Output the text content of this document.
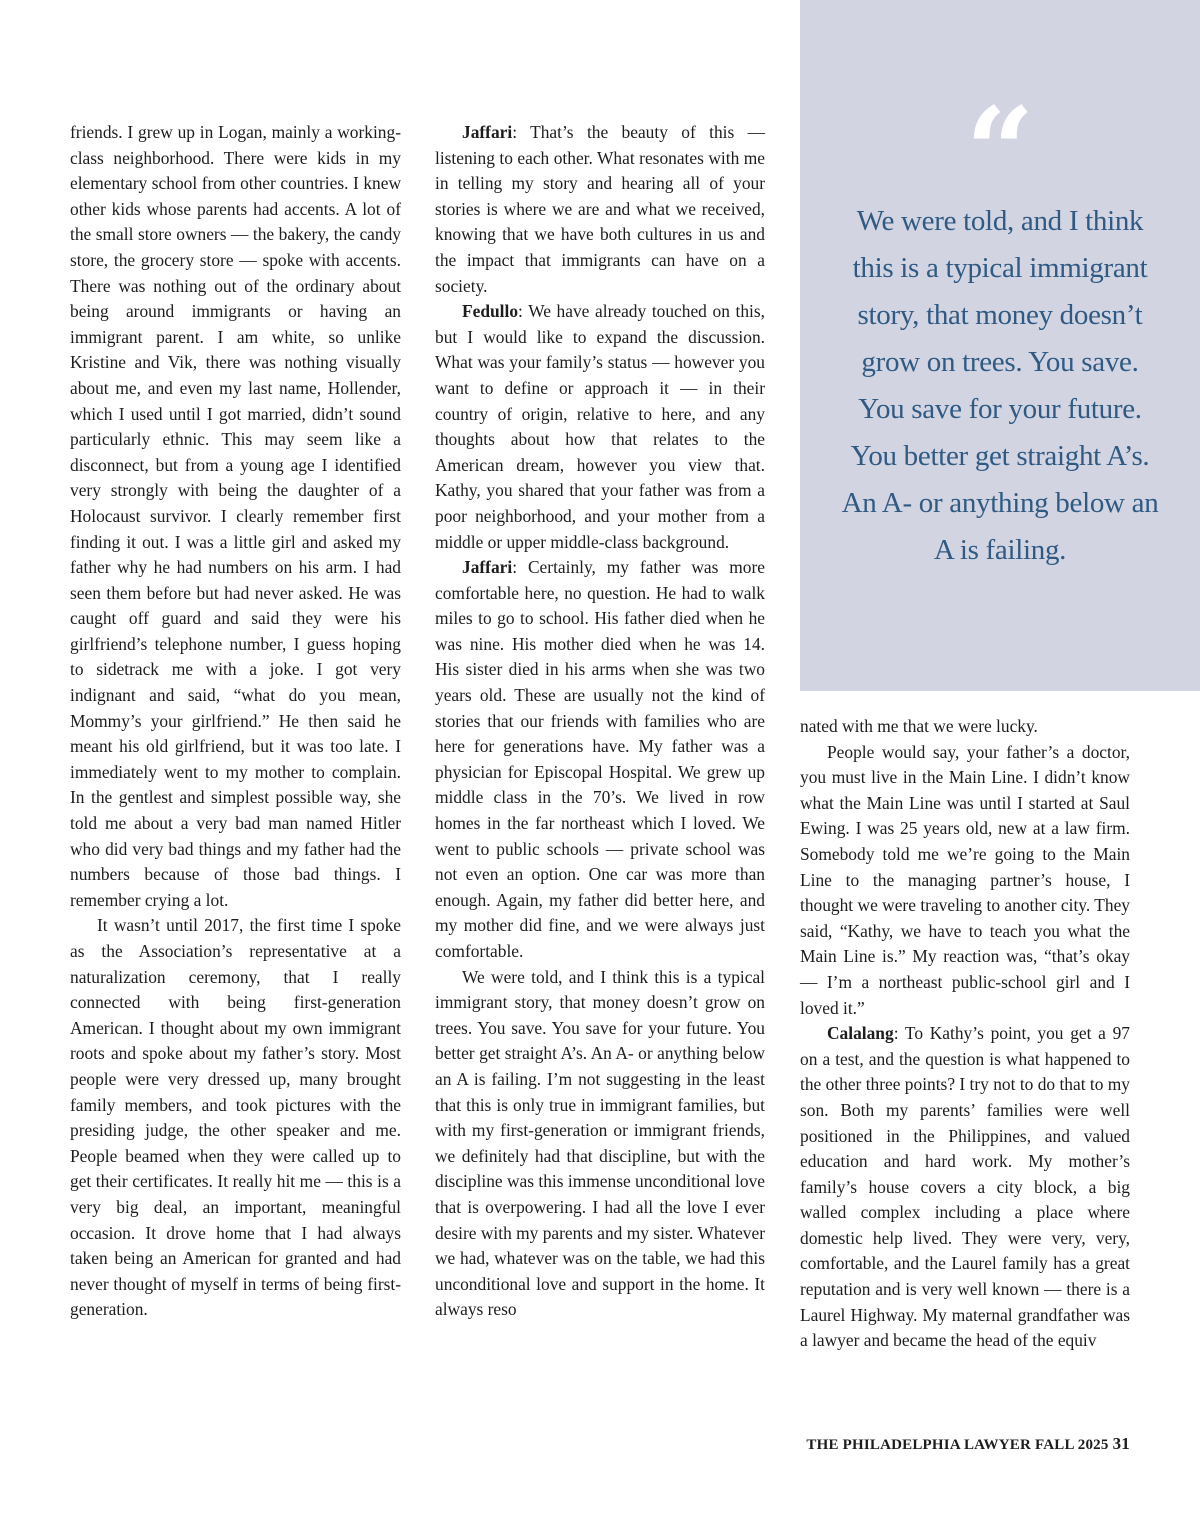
friends. I grew up in Logan, mainly a working-class neighborhood. There were kids in my elementary school from other countries. I knew other kids whose parents had accents. A lot of the small store owners — the bakery, the candy store, the grocery store — spoke with accents. There was nothing out of the ordinary about being around immigrants or having an immigrant parent. I am white, so unlike Kristine and Vik, there was nothing visually about me, and even my last name, Hollender, which I used until I got married, didn’t sound particularly ethnic. This may seem like a disconnect, but from a young age I identified very strongly with being the daughter of a Holocaust survivor. I clearly remember first finding it out. I was a little girl and asked my father why he had numbers on his arm. I had seen them before but had never asked. He was caught off guard and said they were his girlfriend’s telephone number, I guess hoping to sidetrack me with a joke. I got very indignant and said, “what do you mean, Mommy’s your girlfriend.” He then said he meant his old girlfriend, but it was too late. I immediately went to my mother to complain. In the gentlest and simplest possible way, she told me about a very bad man named Hitler who did very bad things and my father had the numbers because of those bad things. I remember crying a lot.

It wasn’t until 2017, the first time I spoke as the Association’s representative at a naturalization ceremony, that I really connected with being first-generation American. I thought about my own immigrant roots and spoke about my father’s story. Most people were very dressed up, many brought family members, and took pictures with the presiding judge, the other speaker and me. People beamed when they were called up to get their certificates. It really hit me — this is a very big deal, an important, meaningful occasion. It drove home that I had always taken being an American for granted and had never thought of myself in terms of being first-generation.

Jaffari: That’s the beauty of this — listening to each other. What resonates with me in telling my story and hearing all of your stories is where we are and what we received, knowing that we have both cultures in us and the impact that immigrants can have on a society.

Fedullo: We have already touched on this, but I would like to expand the discussion. What was your family’s status — however you want to define or approach it — in their country of origin, relative to here, and any thoughts about how that relates to the American dream, however you view that. Kathy, you shared that your father was from a poor neighborhood, and your mother from a middle or upper middle-class background.

Jaffari: Certainly, my father was more comfortable here, no question. He had to walk miles to go to school. His father died when he was nine. His mother died when he was 14. His sister died in his arms when she was two years old. These are usually not the kind of stories that our friends with families who are here for generations have. My father was a physician for Episcopal Hospital. We grew up middle class in the 70’s. We lived in row homes in the far northeast which I loved. We went to public schools — private school was not even an option. One car was more than enough. Again, my father did better here, and my mother did fine, and we were always just comfortable.

We were told, and I think this is a typical immigrant story, that money doesn’t grow on trees. You save. You save for your future. You better get straight A’s. An A- or anything below an A is failing. I’m not suggesting in the least that this is only true in immigrant families, but with my first-generation or immigrant friends, we definitely had that discipline, but with the discipline was this immense unconditional love that is overpowering. I had all the love I ever desire with my parents and my sister. Whatever we had, whatever was on the table, we had this unconditional love and support in the home. It always reso

“
We were told, and I think this is a typical immigrant story, that money doesn’t grow on trees. You save. You save for your future. You better get straight A’s. An A- or anything below an A is failing.

nated with me that we were lucky.

People would say, your father’s a doctor, you must live in the Main Line. I didn’t know what the Main Line was until I started at Saul Ewing. I was 25 years old, new at a law firm. Somebody told me we’re going to the Main Line to the managing partner’s house, I thought we were traveling to another city. They said, “Kathy, we have to teach you what the Main Line is.” My reaction was, “that’s okay — I’m a northeast public-school girl and I loved it.”

Calalang: To Kathy’s point, you get a 97 on a test, and the question is what happened to the other three points? I try not to do that to my son. Both my parents’ families were well positioned in the Philippines, and valued education and hard work. My mother’s family’s house covers a city block, a big walled complex including a place where domestic help lived. They were very, very, comfortable, and the Laurel family has a great reputation and is very well known — there is a Laurel Highway. My maternal grandfather was a lawyer and became the head of the equiv

THE PHILADELPHIA LAWYER FALL 2025 31
